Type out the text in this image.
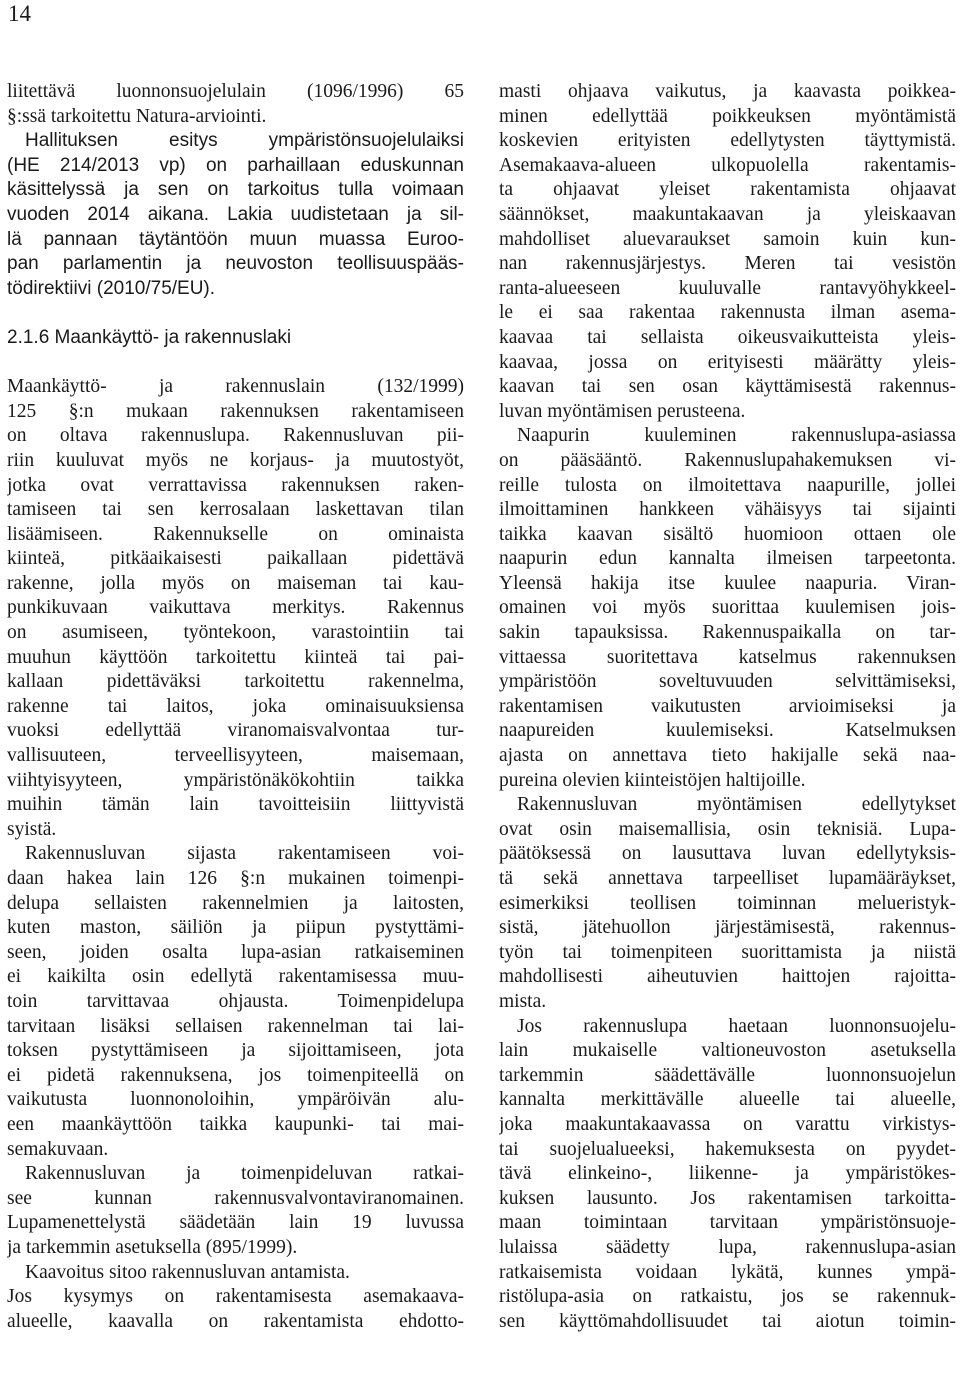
14
liitettävä luonnonsuojelulain (1096/1996) 65
§:ssä tarkoitettu Natura-arviointi.
Hallituksen esitys ympäristönsuojelulaiksi
(HE 214/2013 vp) on parhaillaan eduskunnan
käsittelyssä ja sen on tarkoitus tulla voimaan
vuoden 2014 aikana. Lakia uudistetaan ja sil-
lä pannaan täytäntöön muun muassa Euroo-
pan parlamentin ja neuvoston teollisuuspääs-
tödirektiivi (2010/75/EU).
2.1.6 Maankäyttö- ja rakennuslaki
Maankäyttö- ja rakennuslain (132/1999)
125 §:n mukaan rakennuksen rakentamiseen
on oltava rakennuslupa. Rakennusluvan pii-
riin kuuluvat myös ne korjaus- ja muutostyöt,
jotka ovat verrattavissa rakennuksen raken-
tamiseen tai sen kerrosalaan laskettavan tilan
lisäämiseen. Rakennukselle on ominaista
kiinteä, pitkäaikaisesti paikallaan pidettävä
rakenne, jolla myös on maiseman tai kau-
punkikuvaan vaikuttava merkitys. Rakennus
on asumiseen, työntekoon, varastointiin tai
muuhun käyttöön tarkoitettu kiinteä tai pai-
kallaan pidettäväksi tarkoitettu rakennelma,
rakenne tai laitos, joka ominaisuuksiensa
vuoksi edellyttää viranomaisvalvontaa tur-
vallisuuteen, terveellisyyteen, maisemaan,
viihtyisyyteen, ympäristönäkökohtiin taikka
muihin tämän lain tavoitteisiin liittyvistä
syistä.
Rakennusluvan sijasta rakentamiseen voi-
daan hakea lain 126 §:n mukainen toimenpi-
delupa sellaisten rakennelmien ja laitosten,
kuten maston, säiliön ja piipun pystyttämi-
seen, joiden osalta lupa-asian ratkaiseminen
ei kaikilta osin edellytä rakentamisessa muu-
toin tarvittavaa ohjausta. Toimenpidelupa
tarvitaan lisäksi sellaisen rakennelman tai lai-
toksen pystyttämiseen ja sijoittamiseen, jota
ei pidetä rakennuksena, jos toimenpiteellä on
vaikutusta luonnonoloihin, ympäröivän alu-
een maankäyttöön taikka kaupunki- tai mai-
semakuvaan.
Rakennusluvan ja toimenpideluvan ratkai-
see kunnan rakennusvalvontaviranomainen.
Lupamenettelystä säädetään lain 19 luvussa
ja tarkemmin asetuksella (895/1999).
Kaavoitus sitoo rakennusluvan antamista.
Jos kysymys on rakentamisesta asemakaava-
alueelle, kaavalla on rakentamista ehdotto-
masti ohjaava vaikutus, ja kaavasta poikkea-
minen edellyttää poikkeuksen myöntämistä
koskevien erityisten edellytysten täyttymistä.
Asemakaava-alueen ulkopuolella rakentamis-
ta ohjaavat yleiset rakentamista ohjaavat
säännökset, maakuntakaavan ja yleiskaavan
mahdolliset aluevaraukset samoin kuin kun-
nan rakennusjärjestys. Meren tai vesistön
ranta-alueeseen kuuluvalle rantavyöhykkeel-
le ei saa rakentaa rakennusta ilman asema-
kaavaa tai sellaista oikeusvaikutteista yleis-
kaavaa, jossa on erityisesti määrätty yleis-
kaavan tai sen osan käyttämisestä rakennus-
luvan myöntämisen perusteena.
Naapurin kuuleminen rakennuslupa-asiassa
on pääsääntö. Rakennuslupahakemuksen vi-
reille tulosta on ilmoitettava naapurille, jollei
ilmoittaminen hankkeen vähäisyys tai sijainti
taikka kaavan sisältö huomioon ottaen ole
naapurin edun kannalta ilmeisen tarpeetonta.
Yleensä hakija itse kuulee naapuria. Viran-
omainen voi myös suorittaa kuulemisen jois-
sakin tapauksissa. Rakennuspaikalla on tar-
vittaessa suoritettava katselmus rakennuksen
ympäristöön soveltuvuuden selvittämiseksi,
rakentamisen vaikutusten arvioimiseksi ja
naapureiden kuulemiseksi. Katselmuksen
ajasta on annettava tieto hakijalle sekä naa-
pureina olevien kiinteistöjen haltijoille.
Rakennusluvan myöntämisen edellytykset
ovat osin maisemallisia, osin teknisiä. Lupa-
päätöksessä on lausuttava luvan edellytyksis-
tä sekä annettava tarpeelliset lupamääräykset,
esimerkiksi teollisen toiminnan melueristyk-
sistä, jätehuollon järjestämisestä, rakennus-
työn tai toimenpiteen suorittamista ja niistä
mahdollisesti aiheutuvien haittojen rajoitta-
mista.
Jos rakennuslupa haetaan luonnonsuojelu-
lain mukaiselle valtioneuvoston asetuksella
tarkemmin säädettävälle luonnonsuojelun
kannalta merkittävälle alueelle tai alueelle,
joka maakuntakaavassa on varattu virkistys-
tai suojelualueeksi, hakemuksesta on pyydet-
tävä elinkeino-, liikenne- ja ympäristökes-
kuksen lausunto. Jos rakentamisen tarkoitta-
maan toimintaan tarvitaan ympäristönsuoje-
lulaissa säädetty lupa, rakennuslupa-asian
ratkaisemista voidaan lykätä, kunnes ympä-
ristölupa-asia on ratkaistu, jos se rakennuk-
sen käyttömahdollisuudet tai aiotun toimin-
